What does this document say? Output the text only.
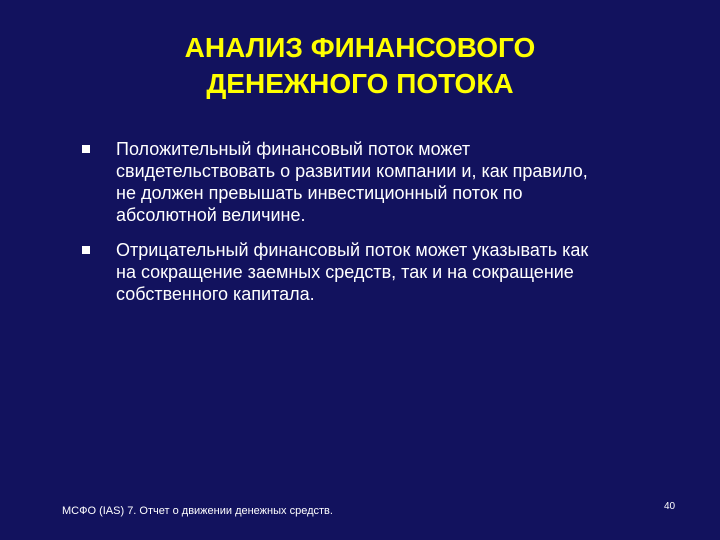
АНАЛИЗ ФИНАНСОВОГО
ДЕНЕЖНОГО ПОТОКА
Положительный финансовый поток может
свидетельствовать о развитии компании и, как правило,
не должен превышать инвестиционный поток по
абсолютной величине.
Отрицательный финансовый поток может указывать как
на сокращение заемных средств, так и на сокращение
собственного капитала.
МСФО (IAS) 7. Отчет о движении денежных средств.	40
